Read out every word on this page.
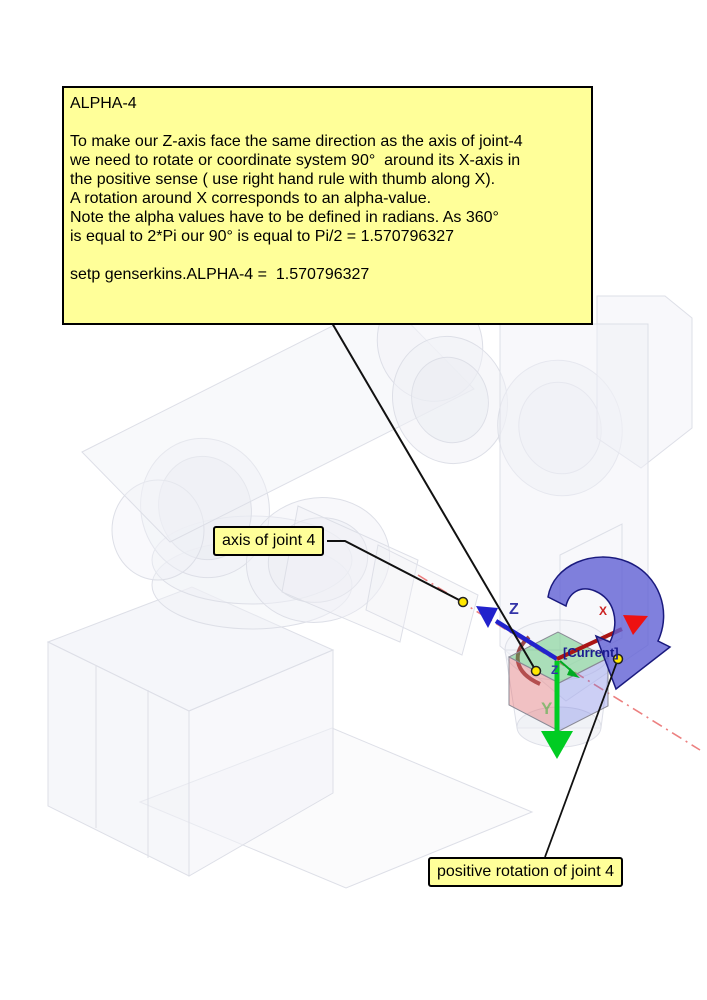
ALPHA-4
To make our Z-axis face the same direction as the axis of joint-4
we need to rotate or coordinate system 90°  around its X-axis in
the positive sense ( use right hand rule with thumb along X).
A rotation around X corresponds to an alpha-value.
Note the alpha values have to be defined in radians. As 360°
is equal to 2*Pi our 90° is equal to Pi/2 = 1.570796327
setp genserkins.ALPHA-4 =  1.570796327
axis of joint 4
positive rotation of joint 4
Z	X
Y
Z
[Current]
